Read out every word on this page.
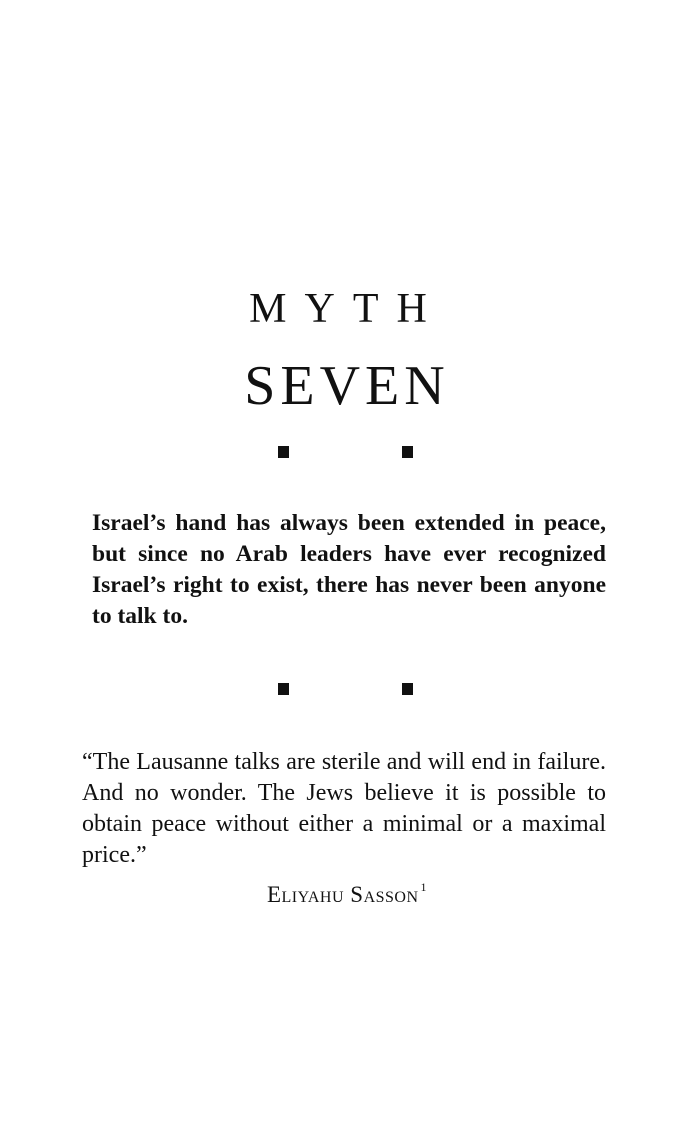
MYTH
SEVEN

Israel’s hand has always been extended in peace, but since no Arab leaders have ever recognized Israel’s right to exist, there has never been anyone to talk to.

“The Lausanne talks are sterile and will end in failure. And no wonder. The Jews believe it is possible to obtain peace without either a minimal or a maximal price.”

Eliyahu Sasson $^1$
